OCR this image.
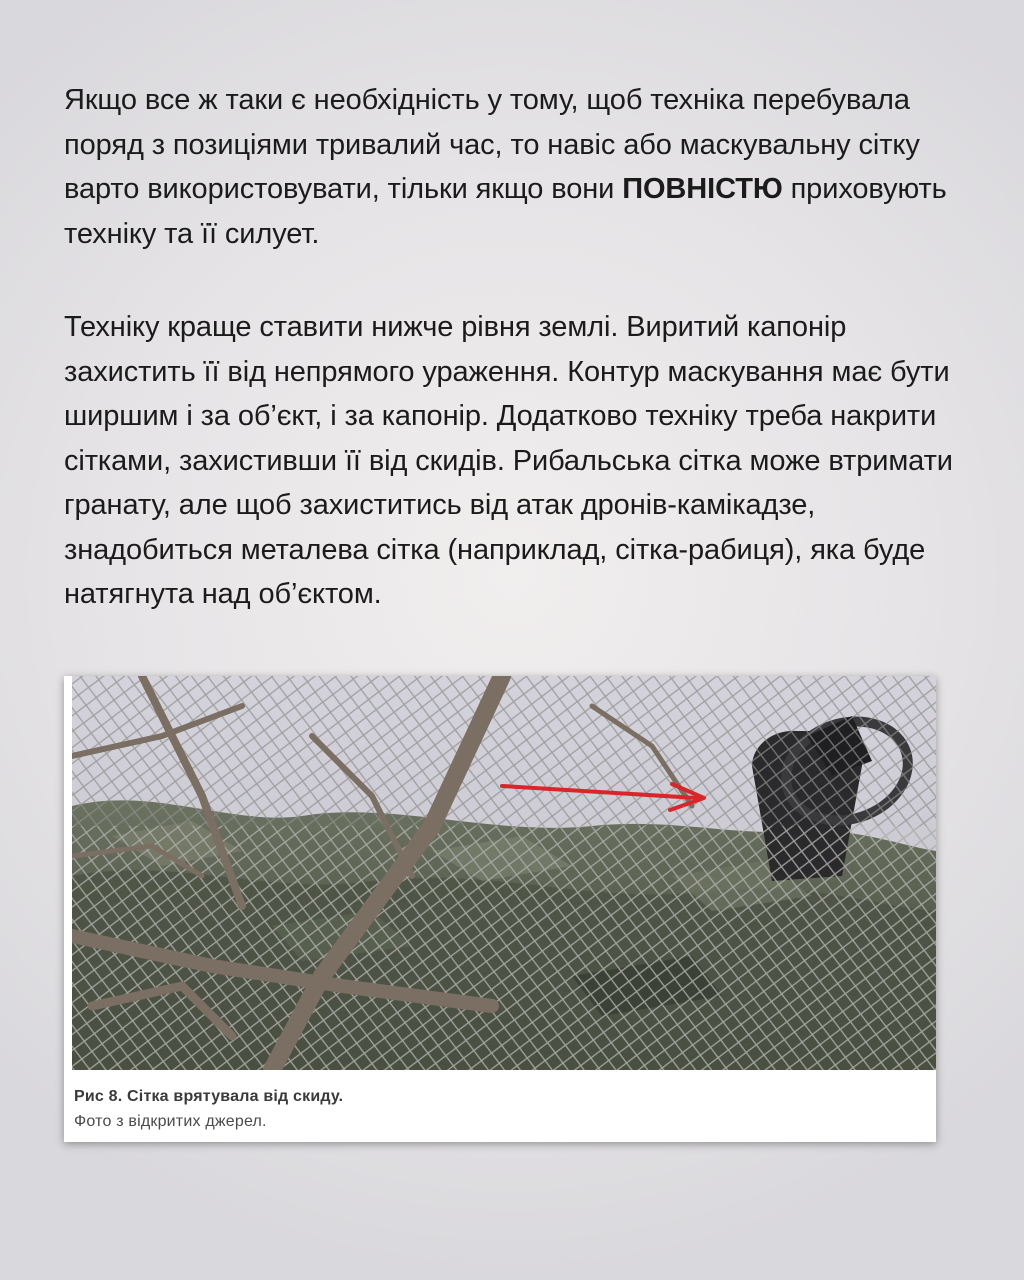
Якщо все ж таки є необхідність у тому, щоб техніка перебувала поряд з позиціями тривалий час, то навіс або маскувальну сітку варто використовувати, тільки якщо вони ПОВНІСТЮ приховують техніку та її силует.

Техніку краще ставити нижче рівня землі. Виритий капонір захистить її від непрямого ураження. Контур маскування має бути ширшим і за об’єкт, і за капонір. Додатково техніку треба накрити сітками, захистивши її від скидів. Рибальська сітка може втримати гранату, але щоб захиститись від атак дронів-камікадзе, знадобиться металева сітка (наприклад, сітка-рабиця), яка буде натягнута над об’єктом.

Рис 8. Сітка врятувала від скиду.
Фото з відкритих джерел.
